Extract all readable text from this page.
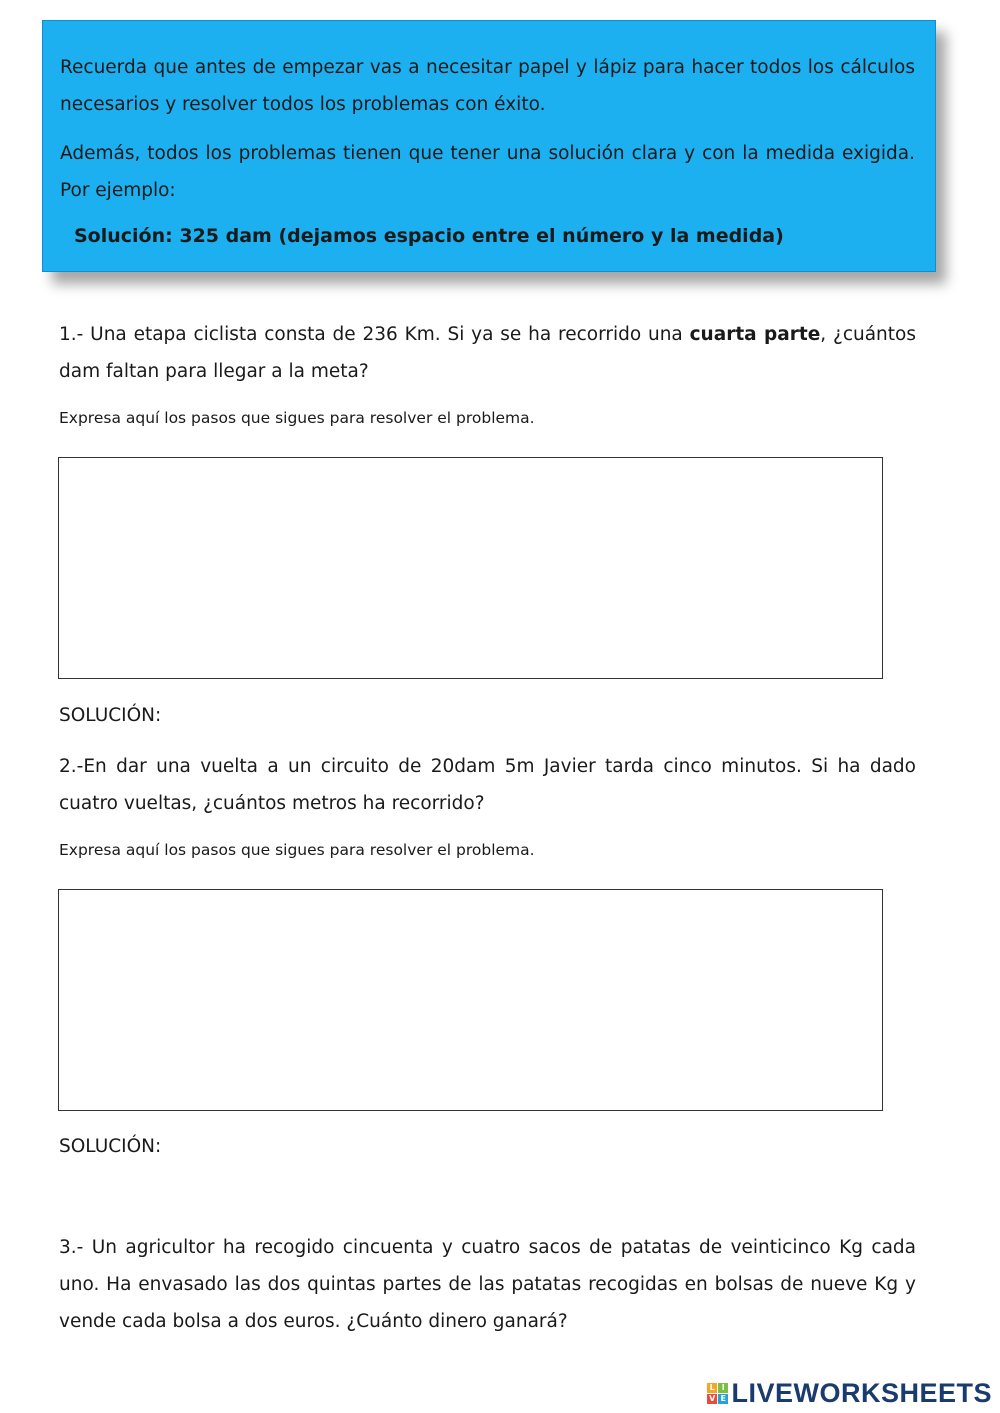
Recuerda que antes de empezar vas a necesitar papel y lápiz para hacer todos los cálculos necesarios y resolver todos los problemas con éxito.

Además, todos los problemas tienen que tener una solución clara y con la medida exigida. Por ejemplo:

Solución: 325 dam (dejamos espacio entre el número y la medida)

1.- Una etapa ciclista consta de 236 Km. Si ya se ha recorrido una cuarta parte, ¿cuántos dam faltan para llegar a la meta?

Expresa aquí los pasos que sigues para resolver el problema.
SOLUCIÓN:

2.-En dar una vuelta a un circuito de 20dam 5m Javier tarda cinco minutos. Si ha dado cuatro vueltas, ¿cuántos metros ha recorrido?

Expresa aquí los pasos que sigues para resolver el problema.
SOLUCIÓN:

3.- Un agricultor ha recogido cincuenta y cuatro sacos de patatas de veinticinco Kg cada uno. Ha envasado las dos quintas partes de las patatas recogidas en bolsas de nueve Kg y vende cada bolsa a dos euros. ¿Cuánto dinero ganará?

L I
V E LIVEWORKSHEETS
